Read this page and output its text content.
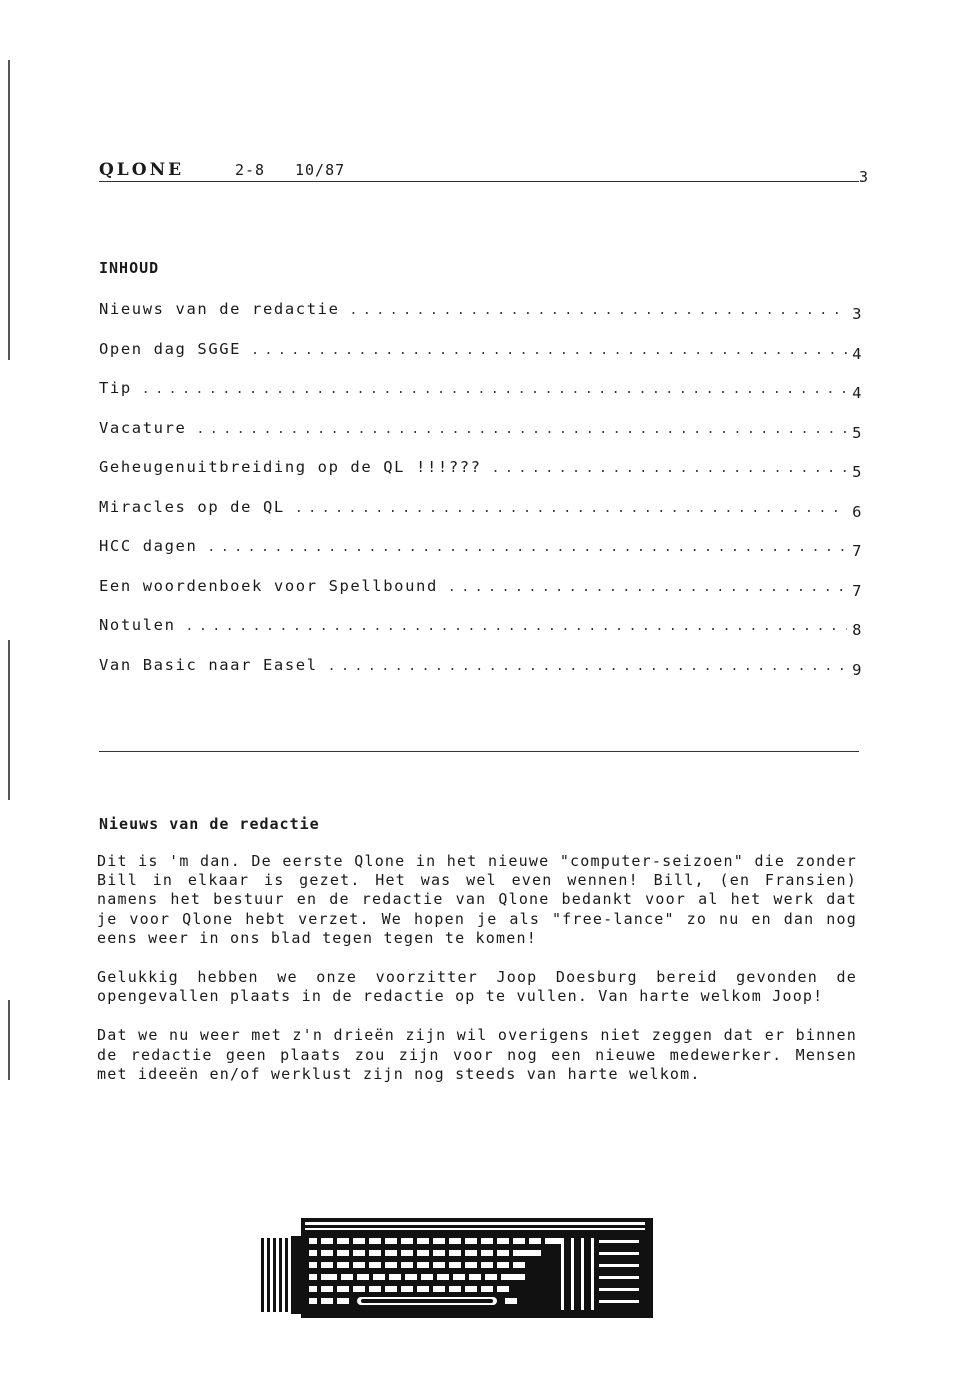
QLONE	2-8 10/87	3
INHOUD
Nieuws van de redactie .....	3
Open dag SGGE .....	4
Tip .....	4
Vacature .....	5
Geheugenuitbreiding op de QL !!!??? .....	5
Miracles op de QL .....	6
HCC dagen .....	7
Een woordenboek voor Spellbound .....	7
Notulen .....	8
Van Basic naar Easel .....	9
Nieuws van de redactie

Dit is 'm dan. De eerste Qlone in het nieuwe "computer-seizoen" die zonder Bill in elkaar is gezet. Het was wel even wennen! Bill, (en Fransien) namens het bestuur en de redactie van Qlone bedankt voor al het werk dat je voor Qlone hebt verzet. We hopen je als "free-lance" zo nu en dan nog eens weer in ons blad tegen tegen te komen!

Gelukkig hebben we onze voorzitter Joop Doesburg bereid gevonden de opengevallen plaats in de redactie op te vullen. Van harte welkom Joop!

Dat we nu weer met z'n drieën zijn wil overigens niet zeggen dat er binnen de redactie geen plaats zou zijn voor nog een nieuwe medewerker. Mensen met ideeën en/of werklust zijn nog steeds van harte welkom.
